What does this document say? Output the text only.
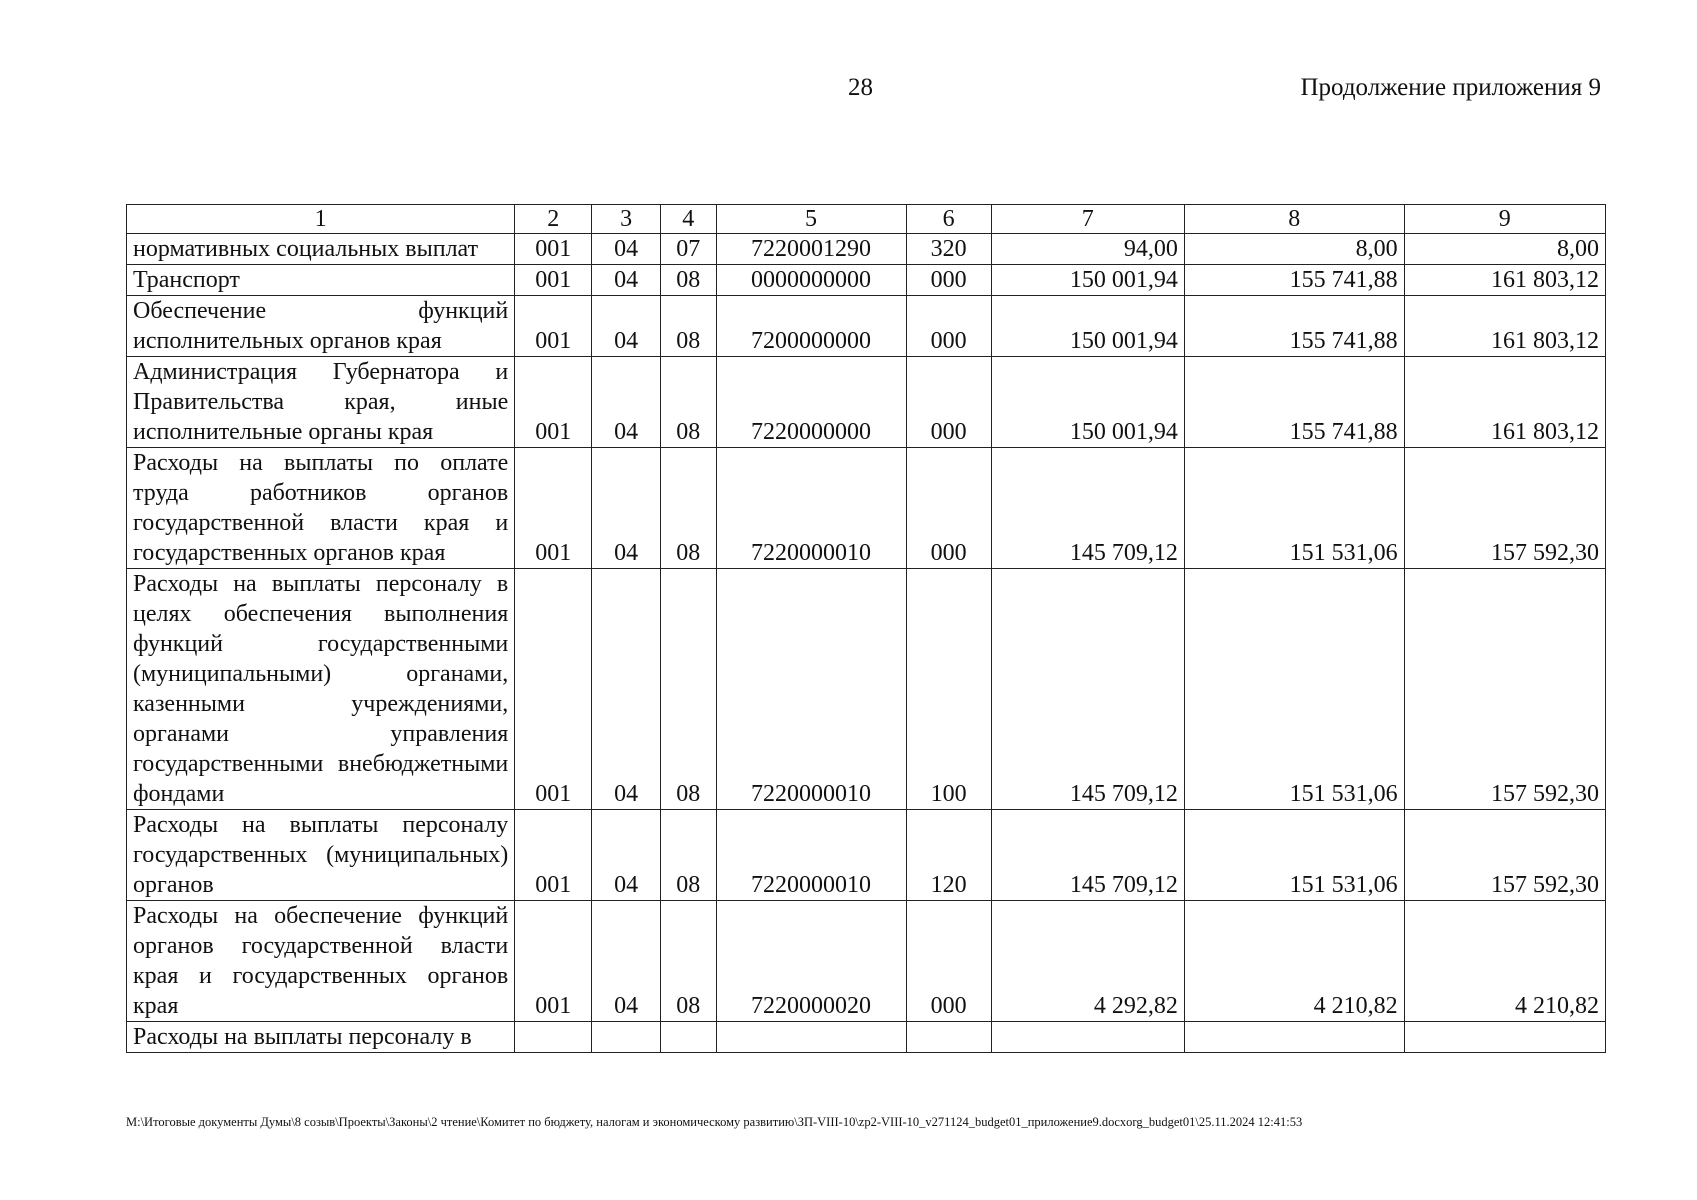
28	Продолжение приложения 9
1	2	3	4	5	6	7	8	9
нормативных социальных выплат	001	04	07	7220001290	320	94,00	8,00	8,00
Транспорт	001	04	08	0000000000	000	150 001,94	155 741,88	161 803,12
Обеспечение функций исполнительных органов края	001	04	08	7200000000	000	150 001,94	155 741,88	161 803,12
Администрация Губернатора и Правительства края, иные исполнительные органы края	001	04	08	7220000000	000	150 001,94	155 741,88	161 803,12
Расходы на выплаты по оплате труда работников органов государственной власти края и государственных органов края	001	04	08	7220000010	000	145 709,12	151 531,06	157 592,30
Расходы на выплаты персоналу в целях обеспечения выполнения функций государственными (муниципальными) органами, казенными учреждениями, органами управления государственными внебюджетными фондами	001	04	08	7220000010	100	145 709,12	151 531,06	157 592,30
Расходы на выплаты персоналу государственных (муниципальных) органов	001	04	08	7220000010	120	145 709,12	151 531,06	157 592,30
Расходы на обеспечение функций органов государственной власти края и государственных органов края	001	04	08	7220000020	000	4 292,82	4 210,82	4 210,82
Расходы на выплаты персоналу в								
M:\Итоговые документы Думы\8 созыв\Проекты\Законы\2 чтение\Комитет по бюджету, налогам и экономическому развитию\ЗП-VIII-10\zp2-VIII-10_v271124_budget01_приложение9.docxorg_budget01\25.11.2024 12:41:53
